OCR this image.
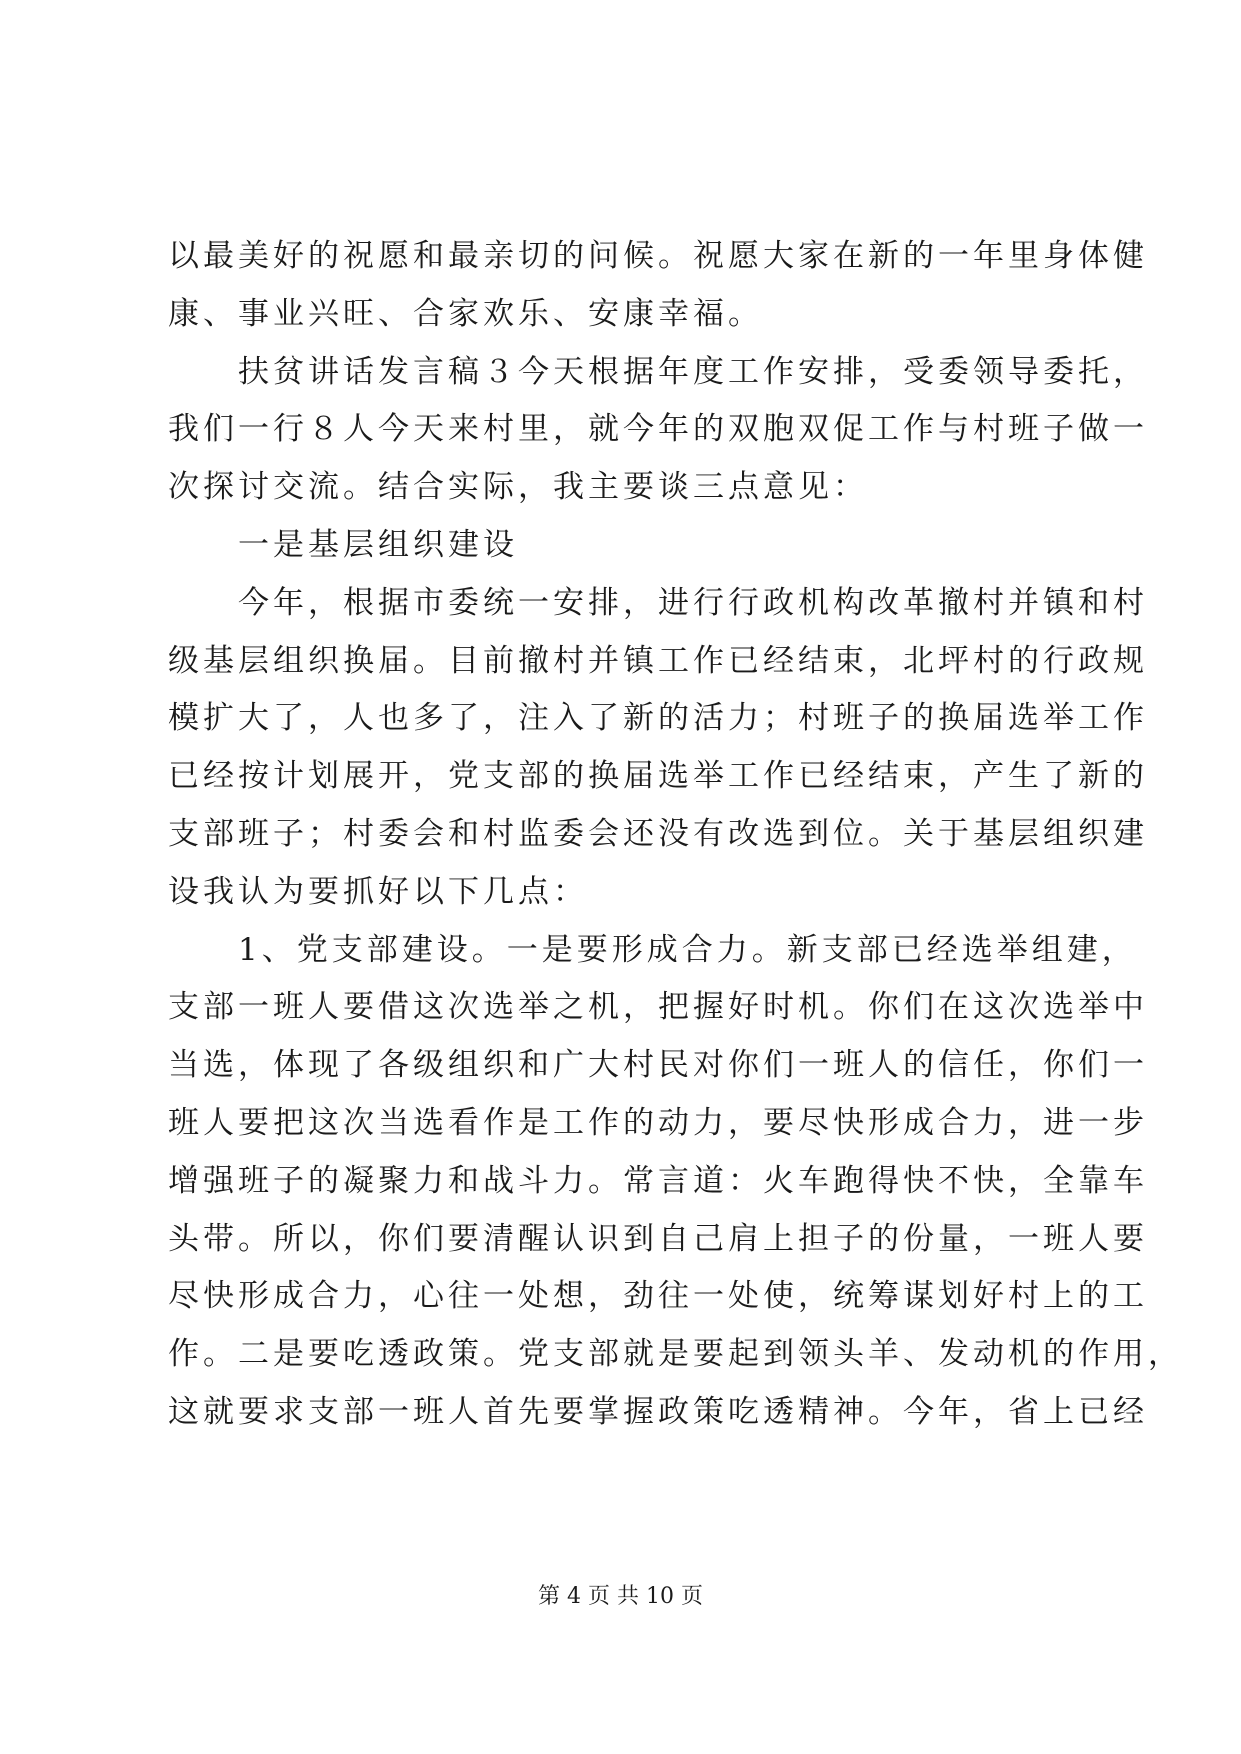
以最美好的祝愿和最亲切的问候。祝愿大家在新的一年里身体健
康、事业兴旺、合家欢乐、安康幸福。
　　扶贫讲话发言稿３今天根据年度工作安排，受委领导委托，
我们一行８人今天来村里，就今年的双胞双促工作与村班子做一
次探讨交流。结合实际，我主要谈三点意见：
　　一是基层组织建设
　　今年，根据市委统一安排，进行行政机构改革撤村并镇和村
级基层组织换届。目前撤村并镇工作已经结束，北坪村的行政规
模扩大了，人也多了，注入了新的活力；村班子的换届选举工作
已经按计划展开，党支部的换届选举工作已经结束，产生了新的
支部班子；村委会和村监委会还没有改选到位。关于基层组织建
设我认为要抓好以下几点：
　　1、党支部建设。一是要形成合力。新支部已经选举组建，
支部一班人要借这次选举之机，把握好时机。你们在这次选举中
当选，体现了各级组织和广大村民对你们一班人的信任，你们一
班人要把这次当选看作是工作的动力，要尽快形成合力，进一步
增强班子的凝聚力和战斗力。常言道：火车跑得快不快，全靠车
头带。所以，你们要清醒认识到自己肩上担子的份量，一班人要
尽快形成合力，心往一处想，劲往一处使，统筹谋划好村上的工
作。二是要吃透政策。党支部就是要起到领头羊、发动机的作用，
这就要求支部一班人首先要掌握政策吃透精神。今年，省上已经
第 4 页 共 10 页
